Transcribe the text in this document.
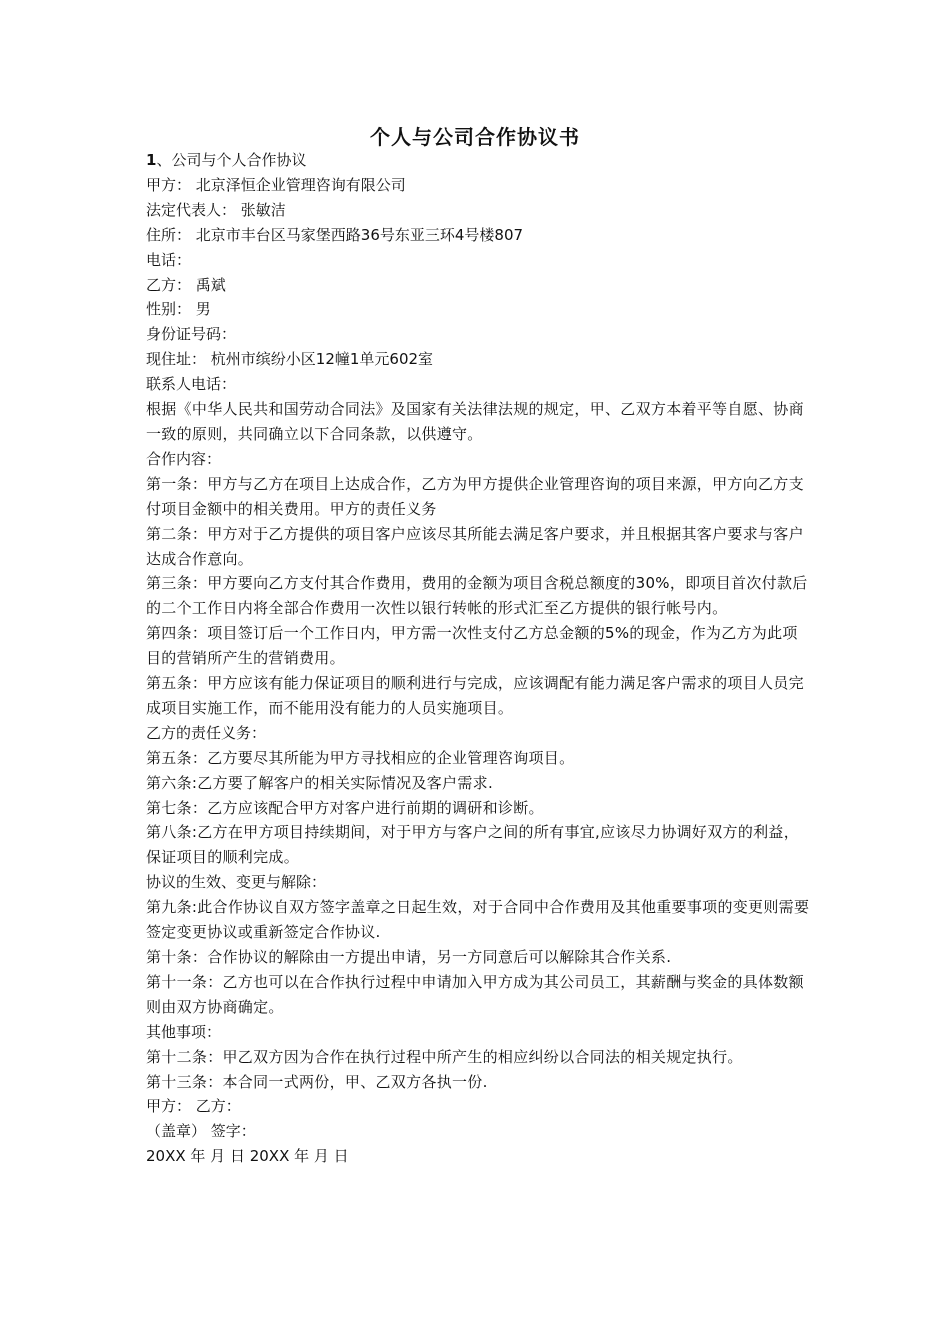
个人与公司合作协议书
1、公司与个人合作协议
甲方： 北京泽恒企业管理咨询有限公司
法定代表人： 张敏洁
住所： 北京市丰台区马家堡西路36号东亚三环4号楼807
电话：
乙方： 禹斌
性别： 男
身份证号码：
现住址： 杭州市缤纷小区12幢1单元602室
联系人电话：
根据《中华人民共和国劳动合同法》及国家有关法律法规的规定，甲、乙双方本着平等自愿、协商一致的原则，共同确立以下合同条款，以供遵守。
合作内容：
第一条：甲方与乙方在项目上达成合作，乙方为甲方提供企业管理咨询的项目来源，甲方向乙方支付项目金额中的相关费用。甲方的责任义务
第二条：甲方对于乙方提供的项目客户应该尽其所能去满足客户要求，并且根据其客户要求与客户达成合作意向。
第三条：甲方要向乙方支付其合作费用，费用的金额为项目含税总额度的30%，即项目首次付款后的二个工作日内将全部合作费用一次性以银行转帐的形式汇至乙方提供的银行帐号内。
第四条：项目签订后一个工作日内，甲方需一次性支付乙方总金额的5%的现金，作为乙方为此项目的营销所产生的营销费用。
第五条：甲方应该有能力保证项目的顺利进行与完成，应该调配有能力满足客户需求的项目人员完成项目实施工作，而不能用没有能力的人员实施项目。
乙方的责任义务：
第五条：乙方要尽其所能为甲方寻找相应的企业管理咨询项目。
第六条:乙方要了解客户的相关实际情况及客户需求.
第七条：乙方应该配合甲方对客户进行前期的调研和诊断。
第八条:乙方在甲方项目持续期间，对于甲方与客户之间的所有事宜,应该尽力协调好双方的利益，保证项目的顺利完成。
协议的生效、变更与解除：
第九条:此合作协议自双方签字盖章之日起生效，对于合同中合作费用及其他重要事项的变更则需要签定变更协议或重新签定合作协议.
第十条：合作协议的解除由一方提出申请，另一方同意后可以解除其合作关系.
第十一条：乙方也可以在合作执行过程中申请加入甲方成为其公司员工，其薪酬与奖金的具体数额则由双方协商确定。
其他事项：
第十二条：甲乙双方因为合作在执行过程中所产生的相应纠纷以合同法的相关规定执行。
第十三条：本合同一式两份，甲、乙双方各执一份.
甲方： 乙方：
（盖章） 签字：
20XX 年 月 日 20XX 年 月 日
